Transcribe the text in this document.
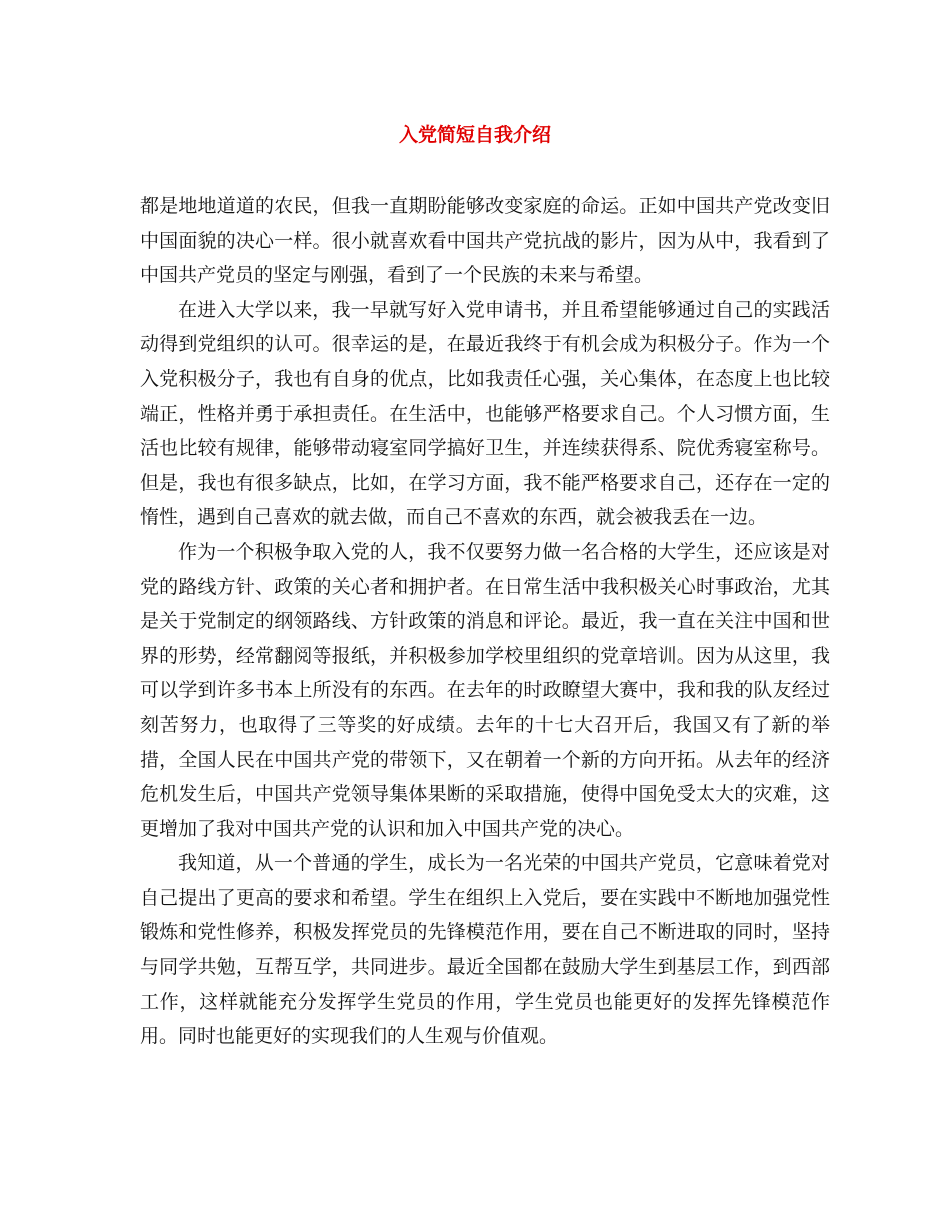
入党简短自我介绍

都是地地道道的农民，但我一直期盼能够改变家庭的命运。正如中国共产党改变旧中国面貌的决心一样。很小就喜欢看中国共产党抗战的影片，因为从中，我看到了中国共产党员的坚定与刚强，看到了一个民族的未来与希望。

在进入大学以来，我一早就写好入党申请书，并且希望能够通过自己的实践活动得到党组织的认可。很幸运的是，在最近我终于有机会成为积极分子。作为一个入党积极分子，我也有自身的优点，比如我责任心强，关心集体，在态度上也比较端正，性格并勇于承担责任。在生活中，也能够严格要求自己。个人习惯方面，生活也比较有规律，能够带动寝室同学搞好卫生，并连续获得系、院优秀寝室称号。但是，我也有很多缺点，比如，在学习方面，我不能严格要求自己，还存在一定的惰性，遇到自己喜欢的就去做，而自己不喜欢的东西，就会被我丢在一边。

作为一个积极争取入党的人，我不仅要努力做一名合格的大学生，还应该是对党的路线方针、政策的关心者和拥护者。在日常生活中我积极关心时事政治，尤其是关于党制定的纲领路线、方针政策的消息和评论。最近，我一直在关注中国和世界的形势，经常翻阅等报纸，并积极参加学校里组织的党章培训。因为从这里，我可以学到许多书本上所没有的东西。在去年的时政瞭望大赛中，我和我的队友经过刻苦努力，也取得了三等奖的好成绩。去年的十七大召开后，我国又有了新的举措，全国人民在中国共产党的带领下，又在朝着一个新的方向开拓。从去年的经济危机发生后，中国共产党领导集体果断的采取措施，使得中国免受太大的灾难，这更增加了我对中国共产党的认识和加入中国共产党的决心。

我知道，从一个普通的学生，成长为一名光荣的中国共产党员，它意味着党对自己提出了更高的要求和希望。学生在组织上入党后，要在实践中不断地加强党性锻炼和党性修养，积极发挥党员的先锋模范作用，要在自己不断进取的同时，坚持与同学共勉，互帮互学，共同进步。最近全国都在鼓励大学生到基层工作，到西部工作，这样就能充分发挥学生党员的作用，学生党员也能更好的发挥先锋模范作用。同时也能更好的实现我们的人生观与价值观。
